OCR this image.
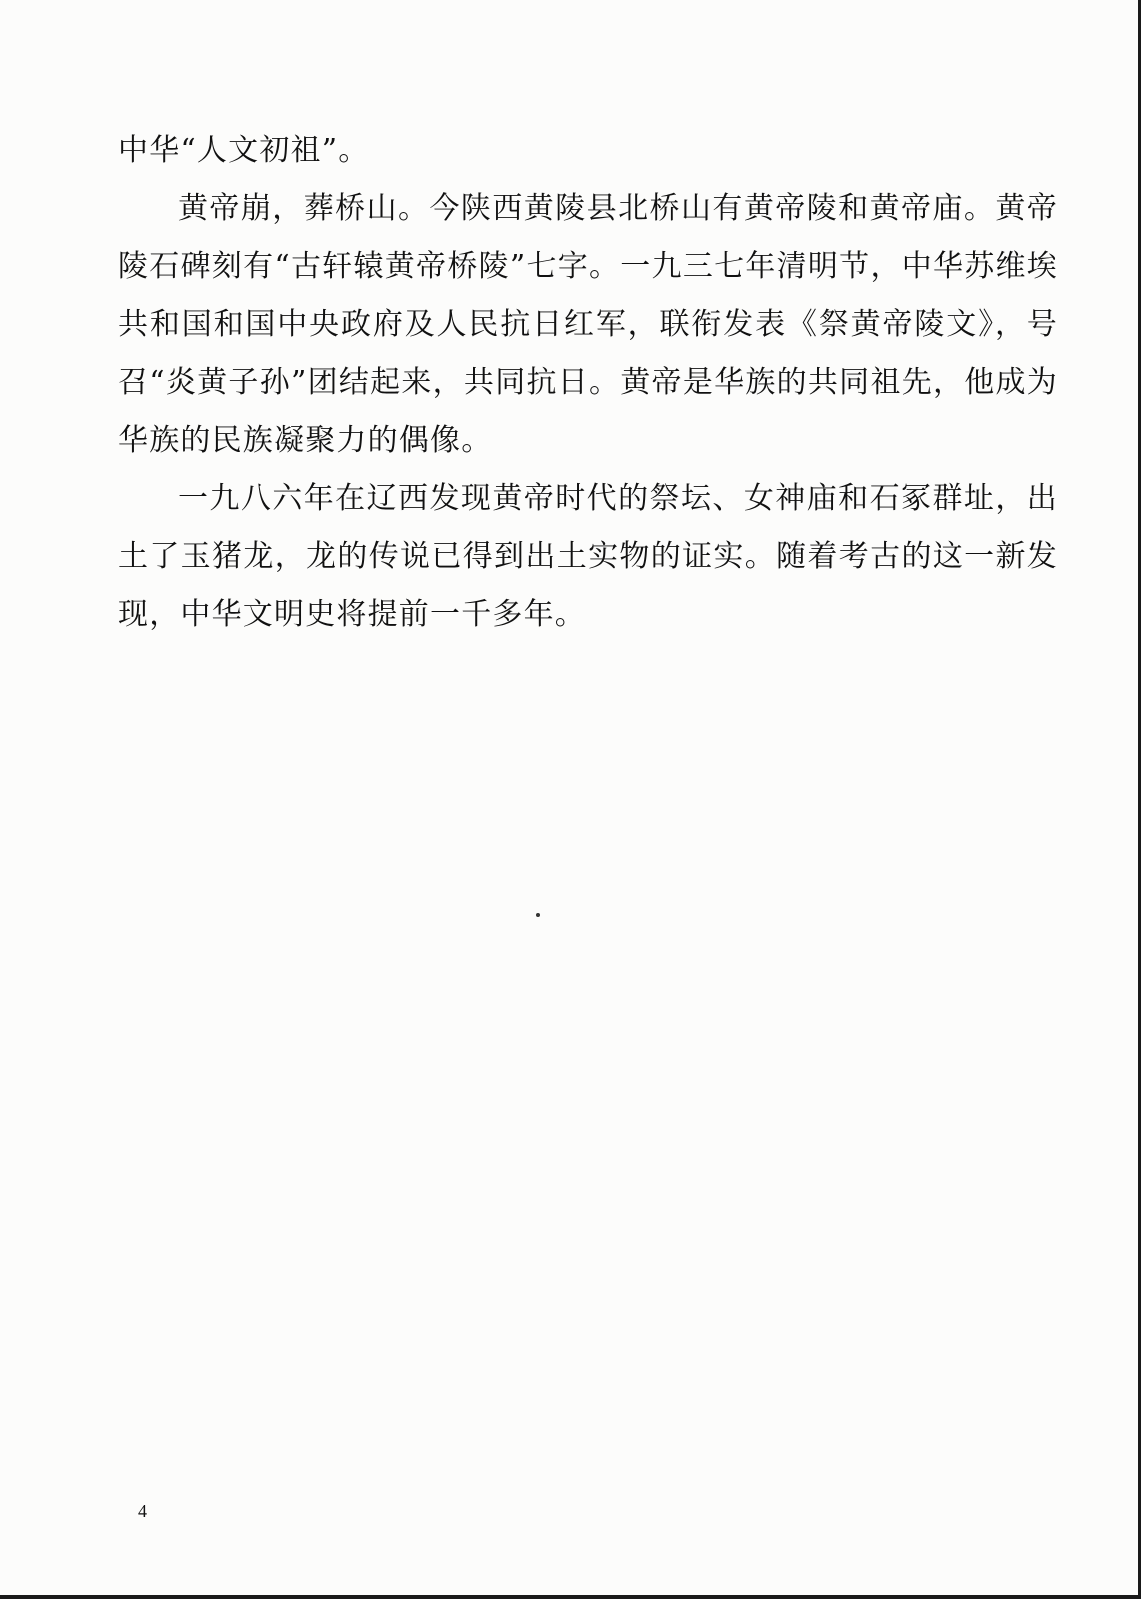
中华“人文初祖”。

黄帝崩，葬桥山。今陕西黄陵县北桥山有黄帝陵和黄帝庙。黄帝陵石碑刻有“古轩辕黄帝桥陵”七字。一九三七年清明节，中华苏维埃共和国和国中央政府及人民抗日红军，联衔发表《祭黄帝陵文》，号召“炎黄子孙”团结起来，共同抗日。黄帝是华族的共同祖先，他成为华族的民族凝聚力的偶像。

一九八六年在辽西发现黄帝时代的祭坛、女神庙和石冢群址，出土了玉猪龙，龙的传说已得到出土实物的证实。随着考古的这一新发现，中华文明史将提前一千多年。

4
